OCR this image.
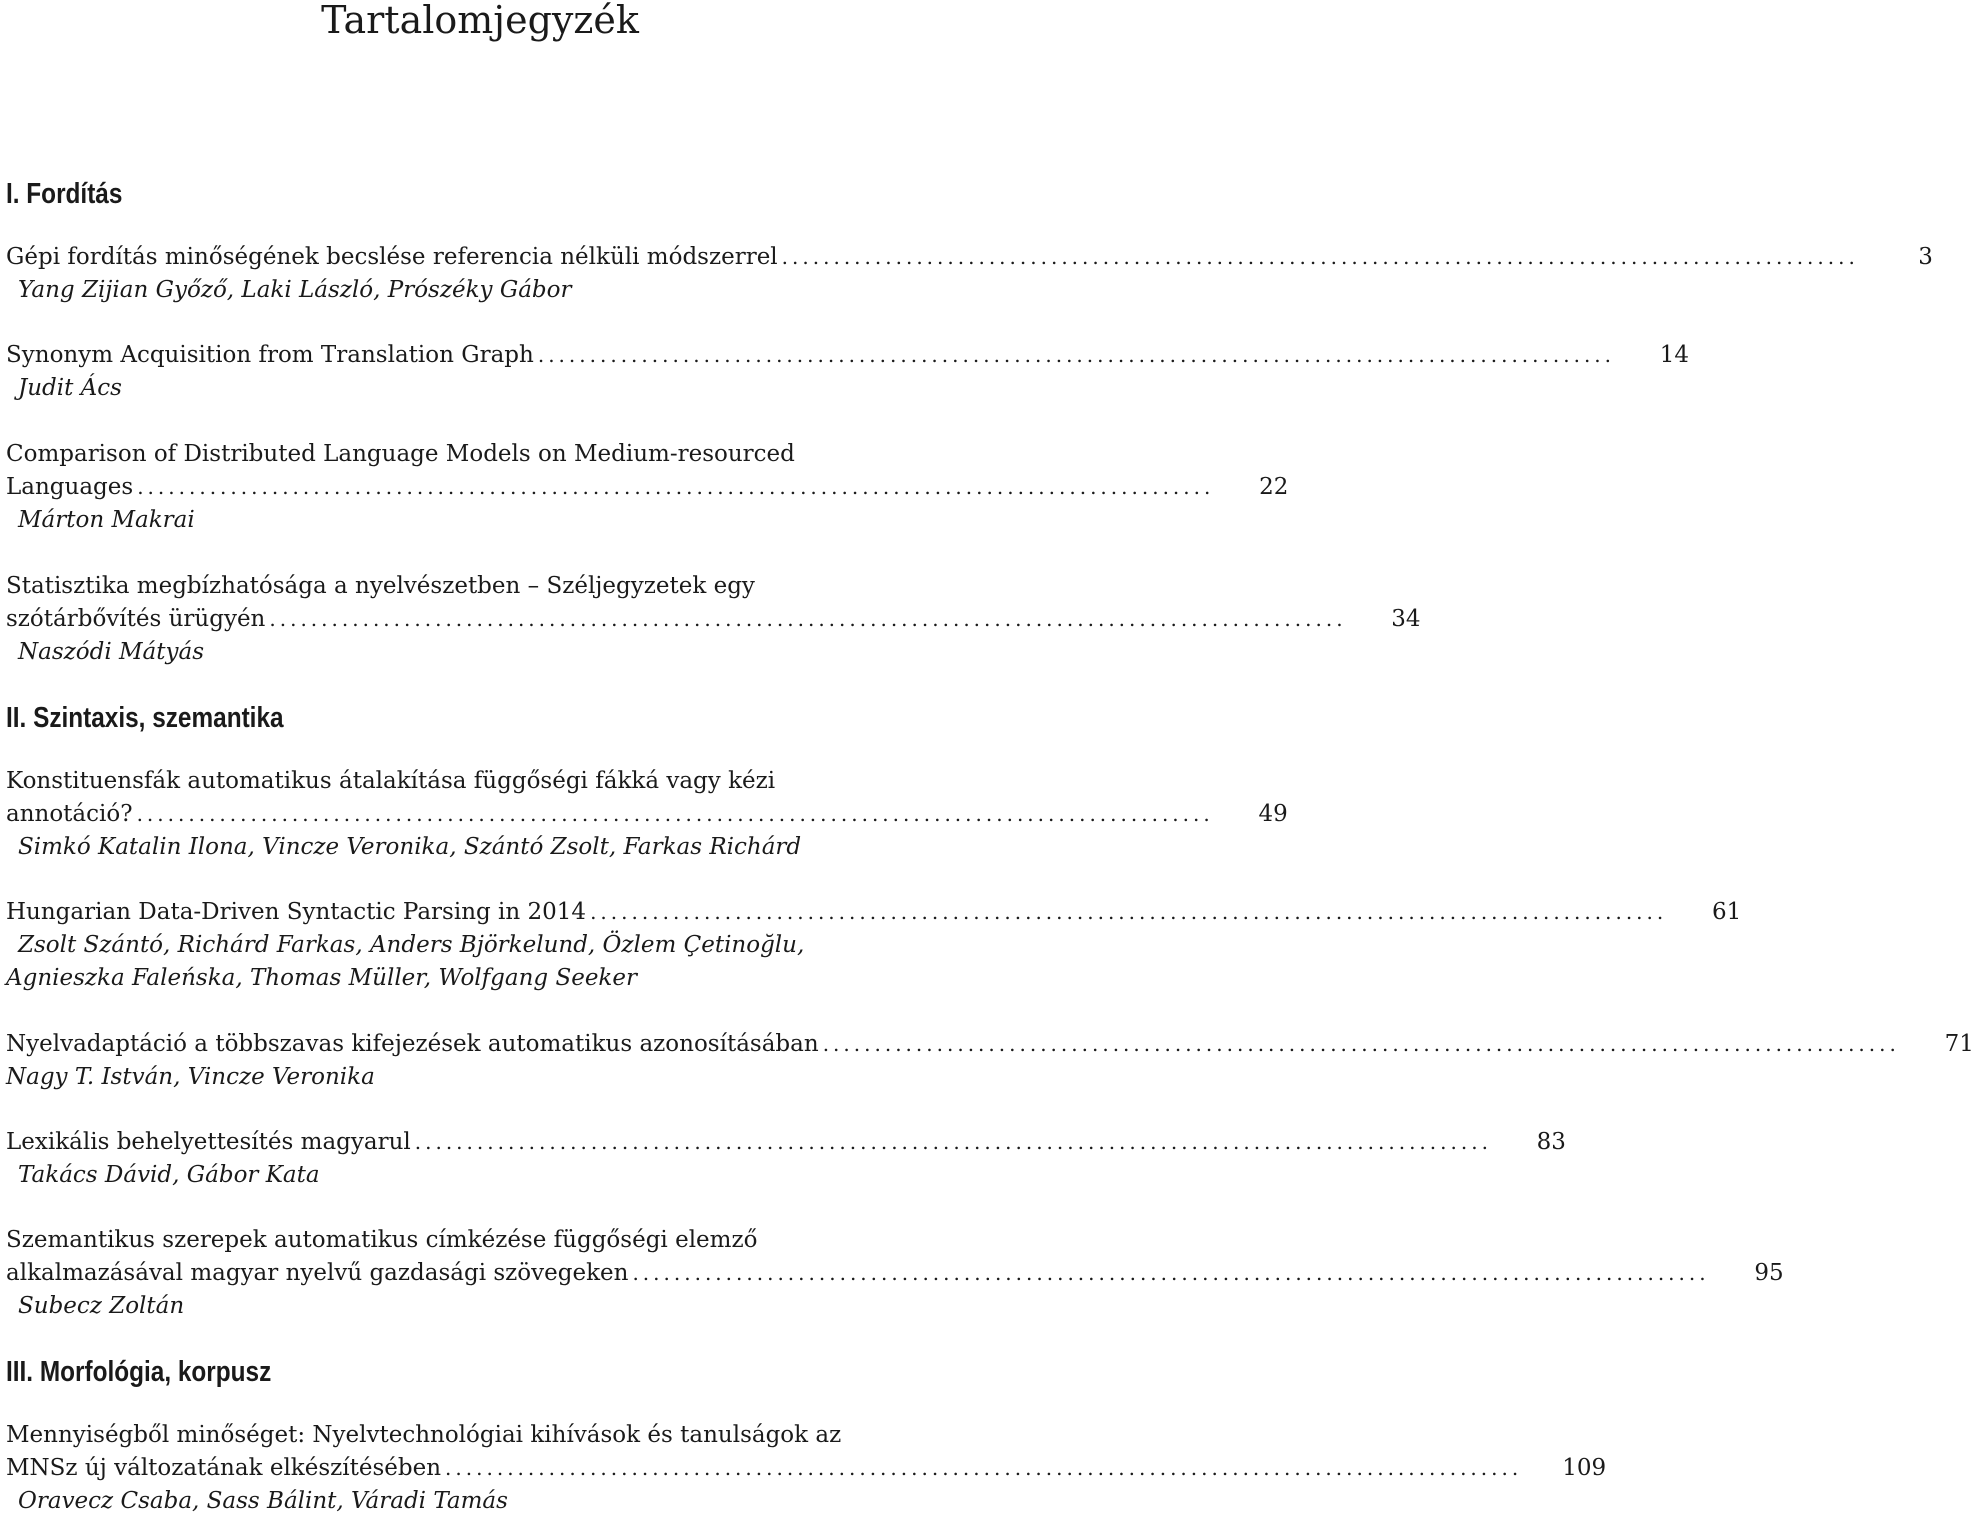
Tartalomjegyzék
I. Fordítás
Gépi fordítás minőségének becslése referencia nélküli módszerrel ........................................................................................................	3
Yang Zijian Győző, Laki László, Prószéky Gábor
Synonym Acquisition from Translation Graph ........................................................................................................ 14
Judit Ács
Comparison of Distributed Language Models on Medium-resourced
Languages ........................................................................................................ 22
Márton Makrai
Statisztika megbízhatósága a nyelvészetben – Széljegyzetek egy
szótárbővítés ürügyén ........................................................................................................ 34
Naszódi Mátyás
II. Szintaxis, szemantika
Konstituensfák automatikus átalakítása függőségi fákká vagy kézi
annotáció? ........................................................................................................ 49
Simkó Katalin Ilona, Vincze Veronika, Szántó Zsolt, Farkas Richárd
Hungarian Data-Driven Syntactic Parsing in 2014 ........................................................................................................ 61
Zsolt Szántó, Richárd Farkas, Anders Björkelund, Özlem Çetinoğlu,
Agnieszka Faleńska, Thomas Müller, Wolfgang Seeker
Nyelvadaptáció a többszavas kifejezések automatikus azonosításában ........................................................................................................ 71
Nagy T. István, Vincze Veronika
Lexikális behelyettesítés magyarul ........................................................................................................ 83
Takács Dávid, Gábor Kata
Szemantikus szerepek automatikus címkézése függőségi elemző
alkalmazásával magyar nyelvű gazdasági szövegeken ........................................................................................................ 95
Subecz Zoltán
III. Morfológia, korpusz
Mennyiségből minőséget: Nyelvtechnológiai kihívások és tanulságok az
MNSz új változatának elkészítésében ........................................................................................................ 109
Oravecz Csaba, Sass Bálint, Váradi Tamás
